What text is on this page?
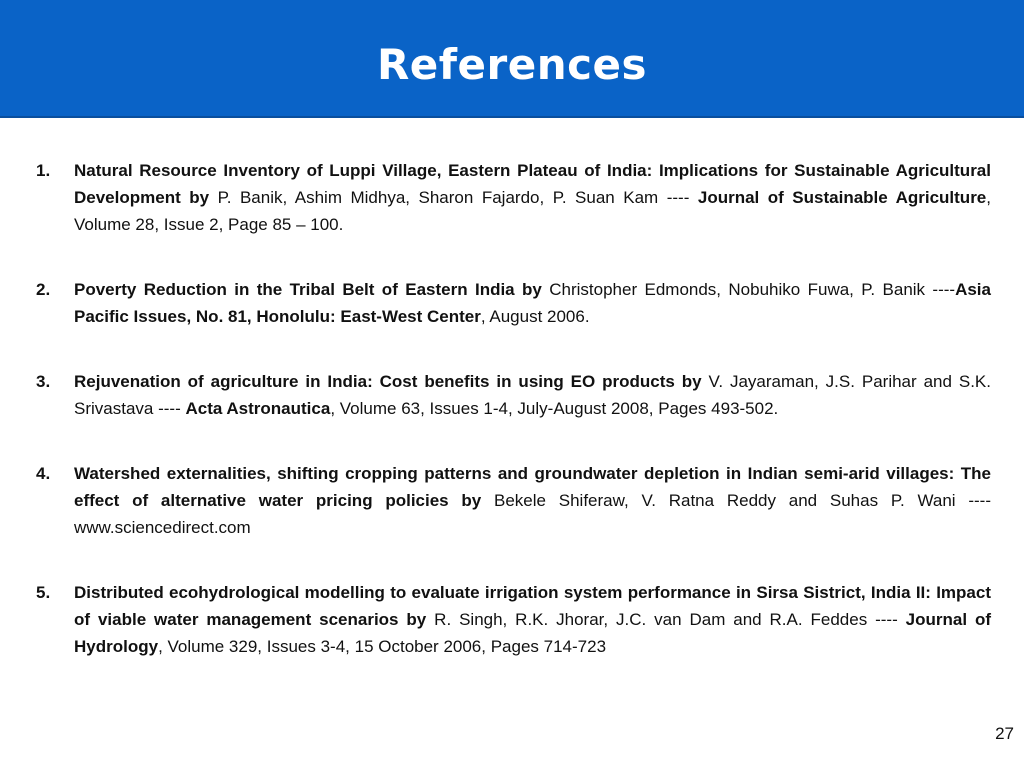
References
1.	Natural Resource Inventory of Luppi Village, Eastern Plateau of India: Implications for Sustainable Agricultural Development by P. Banik, Ashim Midhya, Sharon Fajardo, P. Suan Kam ---- Journal of Sustainable Agriculture, Volume 28, Issue 2, Page 85 – 100.
2.	Poverty Reduction in the Tribal Belt of Eastern India by Christopher Edmonds, Nobuhiko Fuwa, P. Banik ----Asia Pacific Issues, No. 81, Honolulu: East-West Center, August 2006.
3.	Rejuvenation of agriculture in India: Cost benefits in using EO products by V. Jayaraman, J.S. Parihar and S.K. Srivastava ---- Acta Astronautica, Volume 63, Issues 1-4, July-August 2008, Pages 493-502.
4.	Watershed externalities, shifting cropping patterns and groundwater depletion in Indian semi-arid villages: The effect of alternative water pricing policies by Bekele Shiferaw, V. Ratna Reddy and Suhas P. Wani ---- www.sciencedirect.com
5.	Distributed ecohydrological modelling to evaluate irrigation system performance in Sirsa Sistrict, India II: Impact of viable water management scenarios by R. Singh, R.K. Jhorar, J.C. van Dam and R.A. Feddes ---- Journal of Hydrology, Volume 329, Issues 3-4, 15 October 2006, Pages 714-723
27
